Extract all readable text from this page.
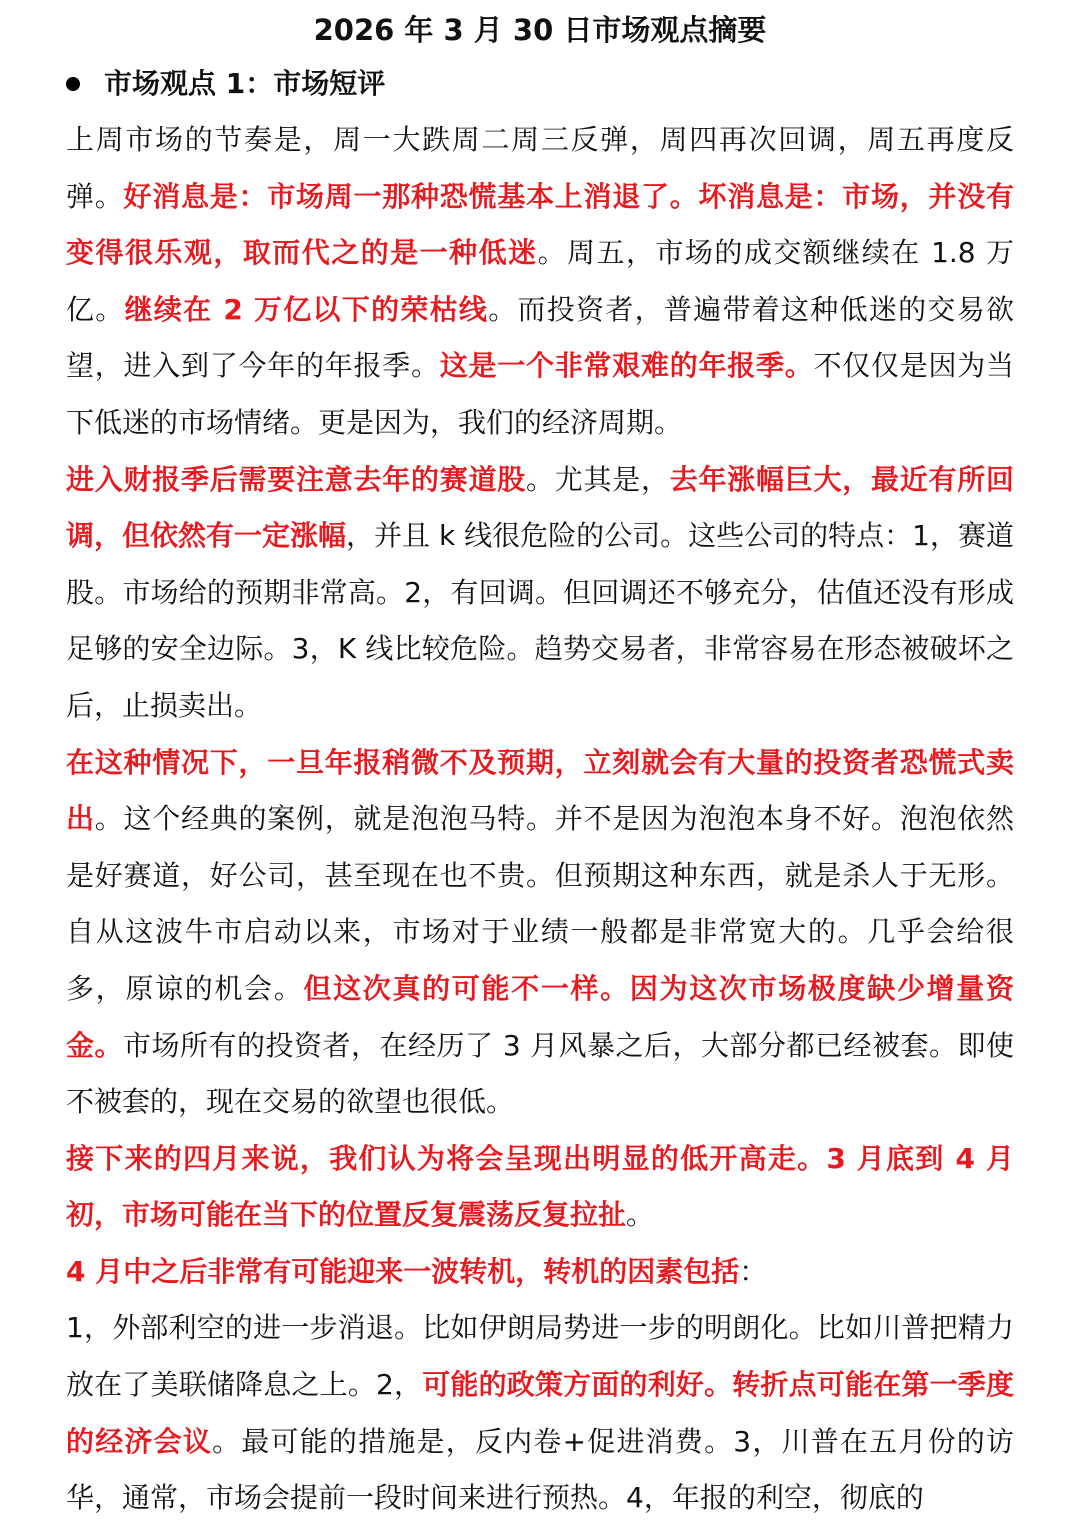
2026 年 3 月 30 日市场观点摘要
市场观点 1：市场短评

上周市场的节奏是，周一大跌周二周三反弹，周四再次回调，周五再度反弹。好消息是：市场周一那种恐慌基本上消退了。坏消息是：市场，并没有变得很乐观，取而代之的是一种低迷。周五，市场的成交额继续在 1.8 万亿。继续在 2 万亿以下的荣枯线。而投资者，普遍带着这种低迷的交易欲望，进入到了今年的年报季。这是一个非常艰难的年报季。不仅仅是因为当下低迷的市场情绪。更是因为，我们的经济周期。

进入财报季后需要注意去年的赛道股。尤其是，去年涨幅巨大，最近有所回调，但依然有一定涨幅，并且 k 线很危险的公司。这些公司的特点：1，赛道股。市场给的预期非常高。2，有回调。但回调还不够充分，估值还没有形成足够的安全边际。3，K 线比较危险。趋势交易者，非常容易在形态被破坏之后，止损卖出。

在这种情况下，一旦年报稍微不及预期，立刻就会有大量的投资者恐慌式卖出。这个经典的案例，就是泡泡马特。并不是因为泡泡本身不好。泡泡依然是好赛道，好公司，甚至现在也不贵。但预期这种东西，就是杀人于无形。自从这波牛市启动以来，市场对于业绩一般都是非常宽大的。几乎会给很多，原谅的机会。但这次真的可能不一样。因为这次市场极度缺少增量资金。市场所有的投资者，在经历了 3 月风暴之后，大部分都已经被套。即使不被套的，现在交易的欲望也很低。

接下来的四月来说，我们认为将会呈现出明显的低开高走。3 月底到 4 月初，市场可能在当下的位置反复震荡反复拉扯。

4 月中之后非常有可能迎来一波转机，转机的因素包括：

1，外部利空的进一步消退。比如伊朗局势进一步的明朗化。比如川普把精力放在了美联储降息之上。2，可能的政策方面的利好。转折点可能在第一季度的经济会议。最可能的措施是，反内卷+促进消费。3，川普在五月份的访华，通常，市场会提前一段时间来进行预热。4，年报的利空，彻底的
